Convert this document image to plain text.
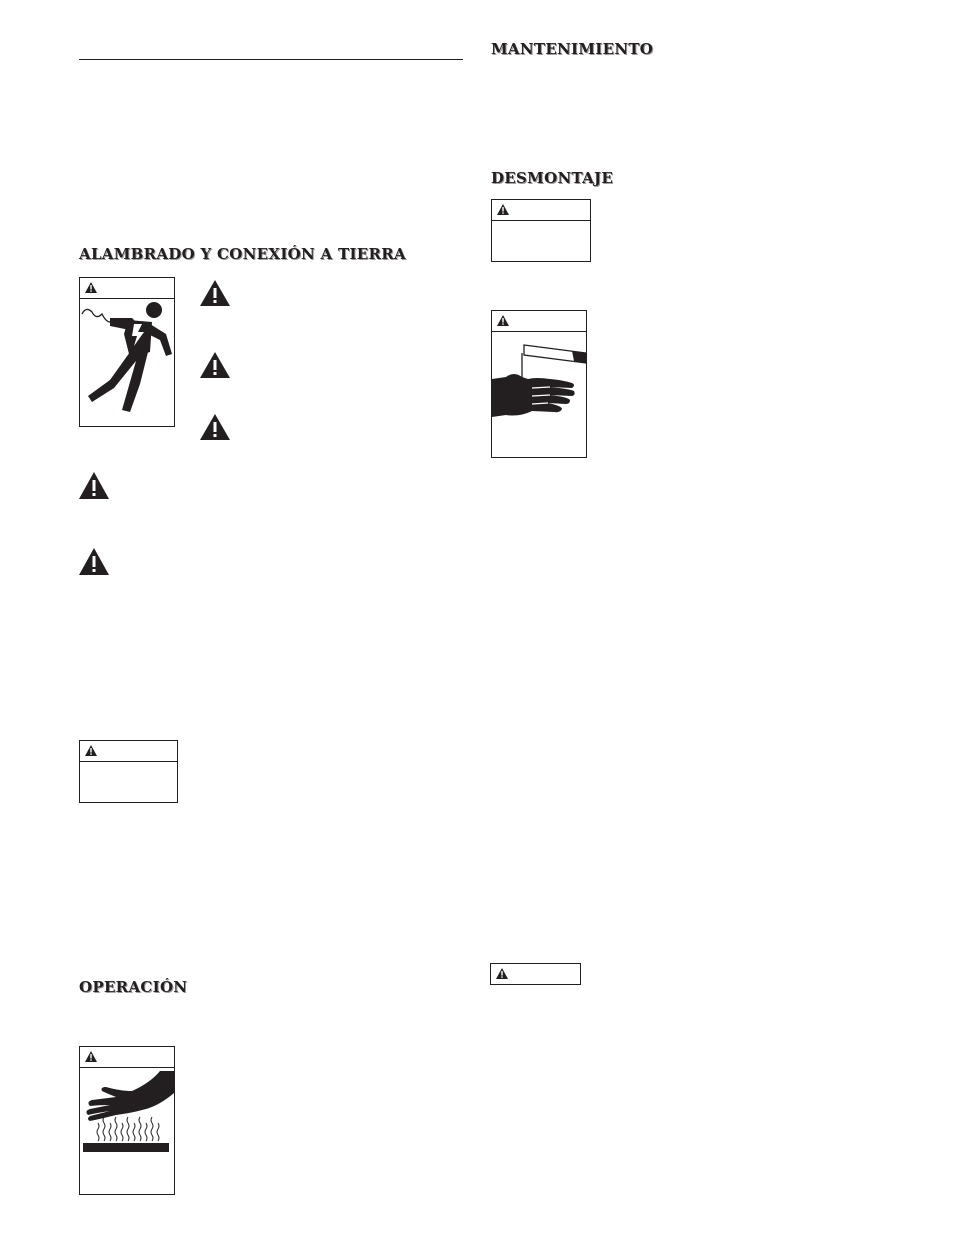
MANTENIMIENTO
DESMONTAJE
ALAMBRADO Y CONEXIÓN A TIERRA
OPERACIÓN
